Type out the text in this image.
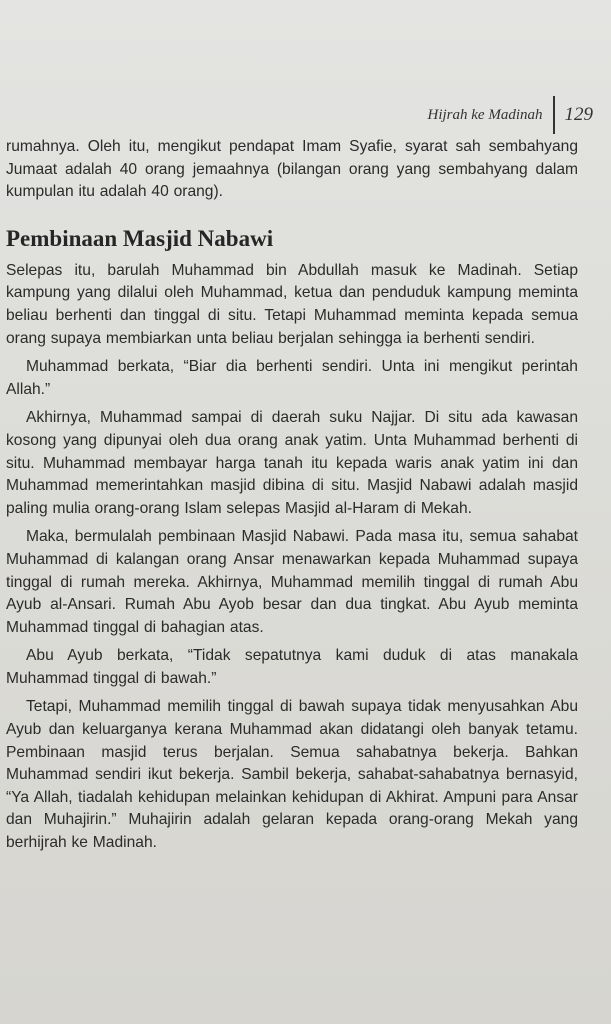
Hijrah ke Madinah 129

rumahnya. Oleh itu, mengikut pendapat Imam Syafie, syarat sah sembahyang Jumaat adalah 40 orang jemaahnya (bilangan orang yang sembahyang dalam kumpulan itu adalah 40 orang).

Pembinaan Masjid Nabawi

Selepas itu, barulah Muhammad bin Abdullah masuk ke Madinah. Setiap kampung yang dilalui oleh Muhammad, ketua dan penduduk kampung meminta beliau berhenti dan tinggal di situ. Tetapi Muhammad meminta kepada semua orang supaya membiarkan unta beliau berjalan sehingga ia berhenti sendiri.

Muhammad berkata, “Biar dia berhenti sendiri. Unta ini mengikut perintah Allah.”

Akhirnya, Muhammad sampai di daerah suku Najjar. Di situ ada kawasan kosong yang dipunyai oleh dua orang anak yatim. Unta Muhammad berhenti di situ. Muhammad membayar harga tanah itu kepada waris anak yatim ini dan Muhammad memerintahkan masjid dibina di situ. Masjid Nabawi adalah masjid paling mulia orang-orang Islam selepas Masjid al-Haram di Mekah.

Maka, bermulalah pembinaan Masjid Nabawi. Pada masa itu, semua sahabat Muhammad di kalangan orang Ansar menawarkan kepada Muhammad supaya tinggal di rumah mereka. Akhirnya, Muhammad memilih tinggal di rumah Abu Ayub al-Ansari. Rumah Abu Ayob besar dan dua tingkat. Abu Ayub meminta Muhammad tinggal di bahagian atas.

Abu Ayub berkata, “Tidak sepatutnya kami duduk di atas manakala Muhammad tinggal di bawah.”

Tetapi, Muhammad memilih tinggal di bawah supaya tidak menyusahkan Abu Ayub dan keluarganya kerana Muhammad akan didatangi oleh banyak tetamu. Pembinaan masjid terus berjalan. Semua sahabatnya bekerja. Bahkan Muhammad sendiri ikut bekerja. Sambil bekerja, sahabat-sahabatnya bernasyid, “Ya Allah, tiadalah kehidupan melainkan kehidupan di Akhirat. Ampuni para Ansar dan Muhajirin.” Muhajirin adalah gelaran kepada orang-orang Mekah yang berhijrah ke Madinah.
